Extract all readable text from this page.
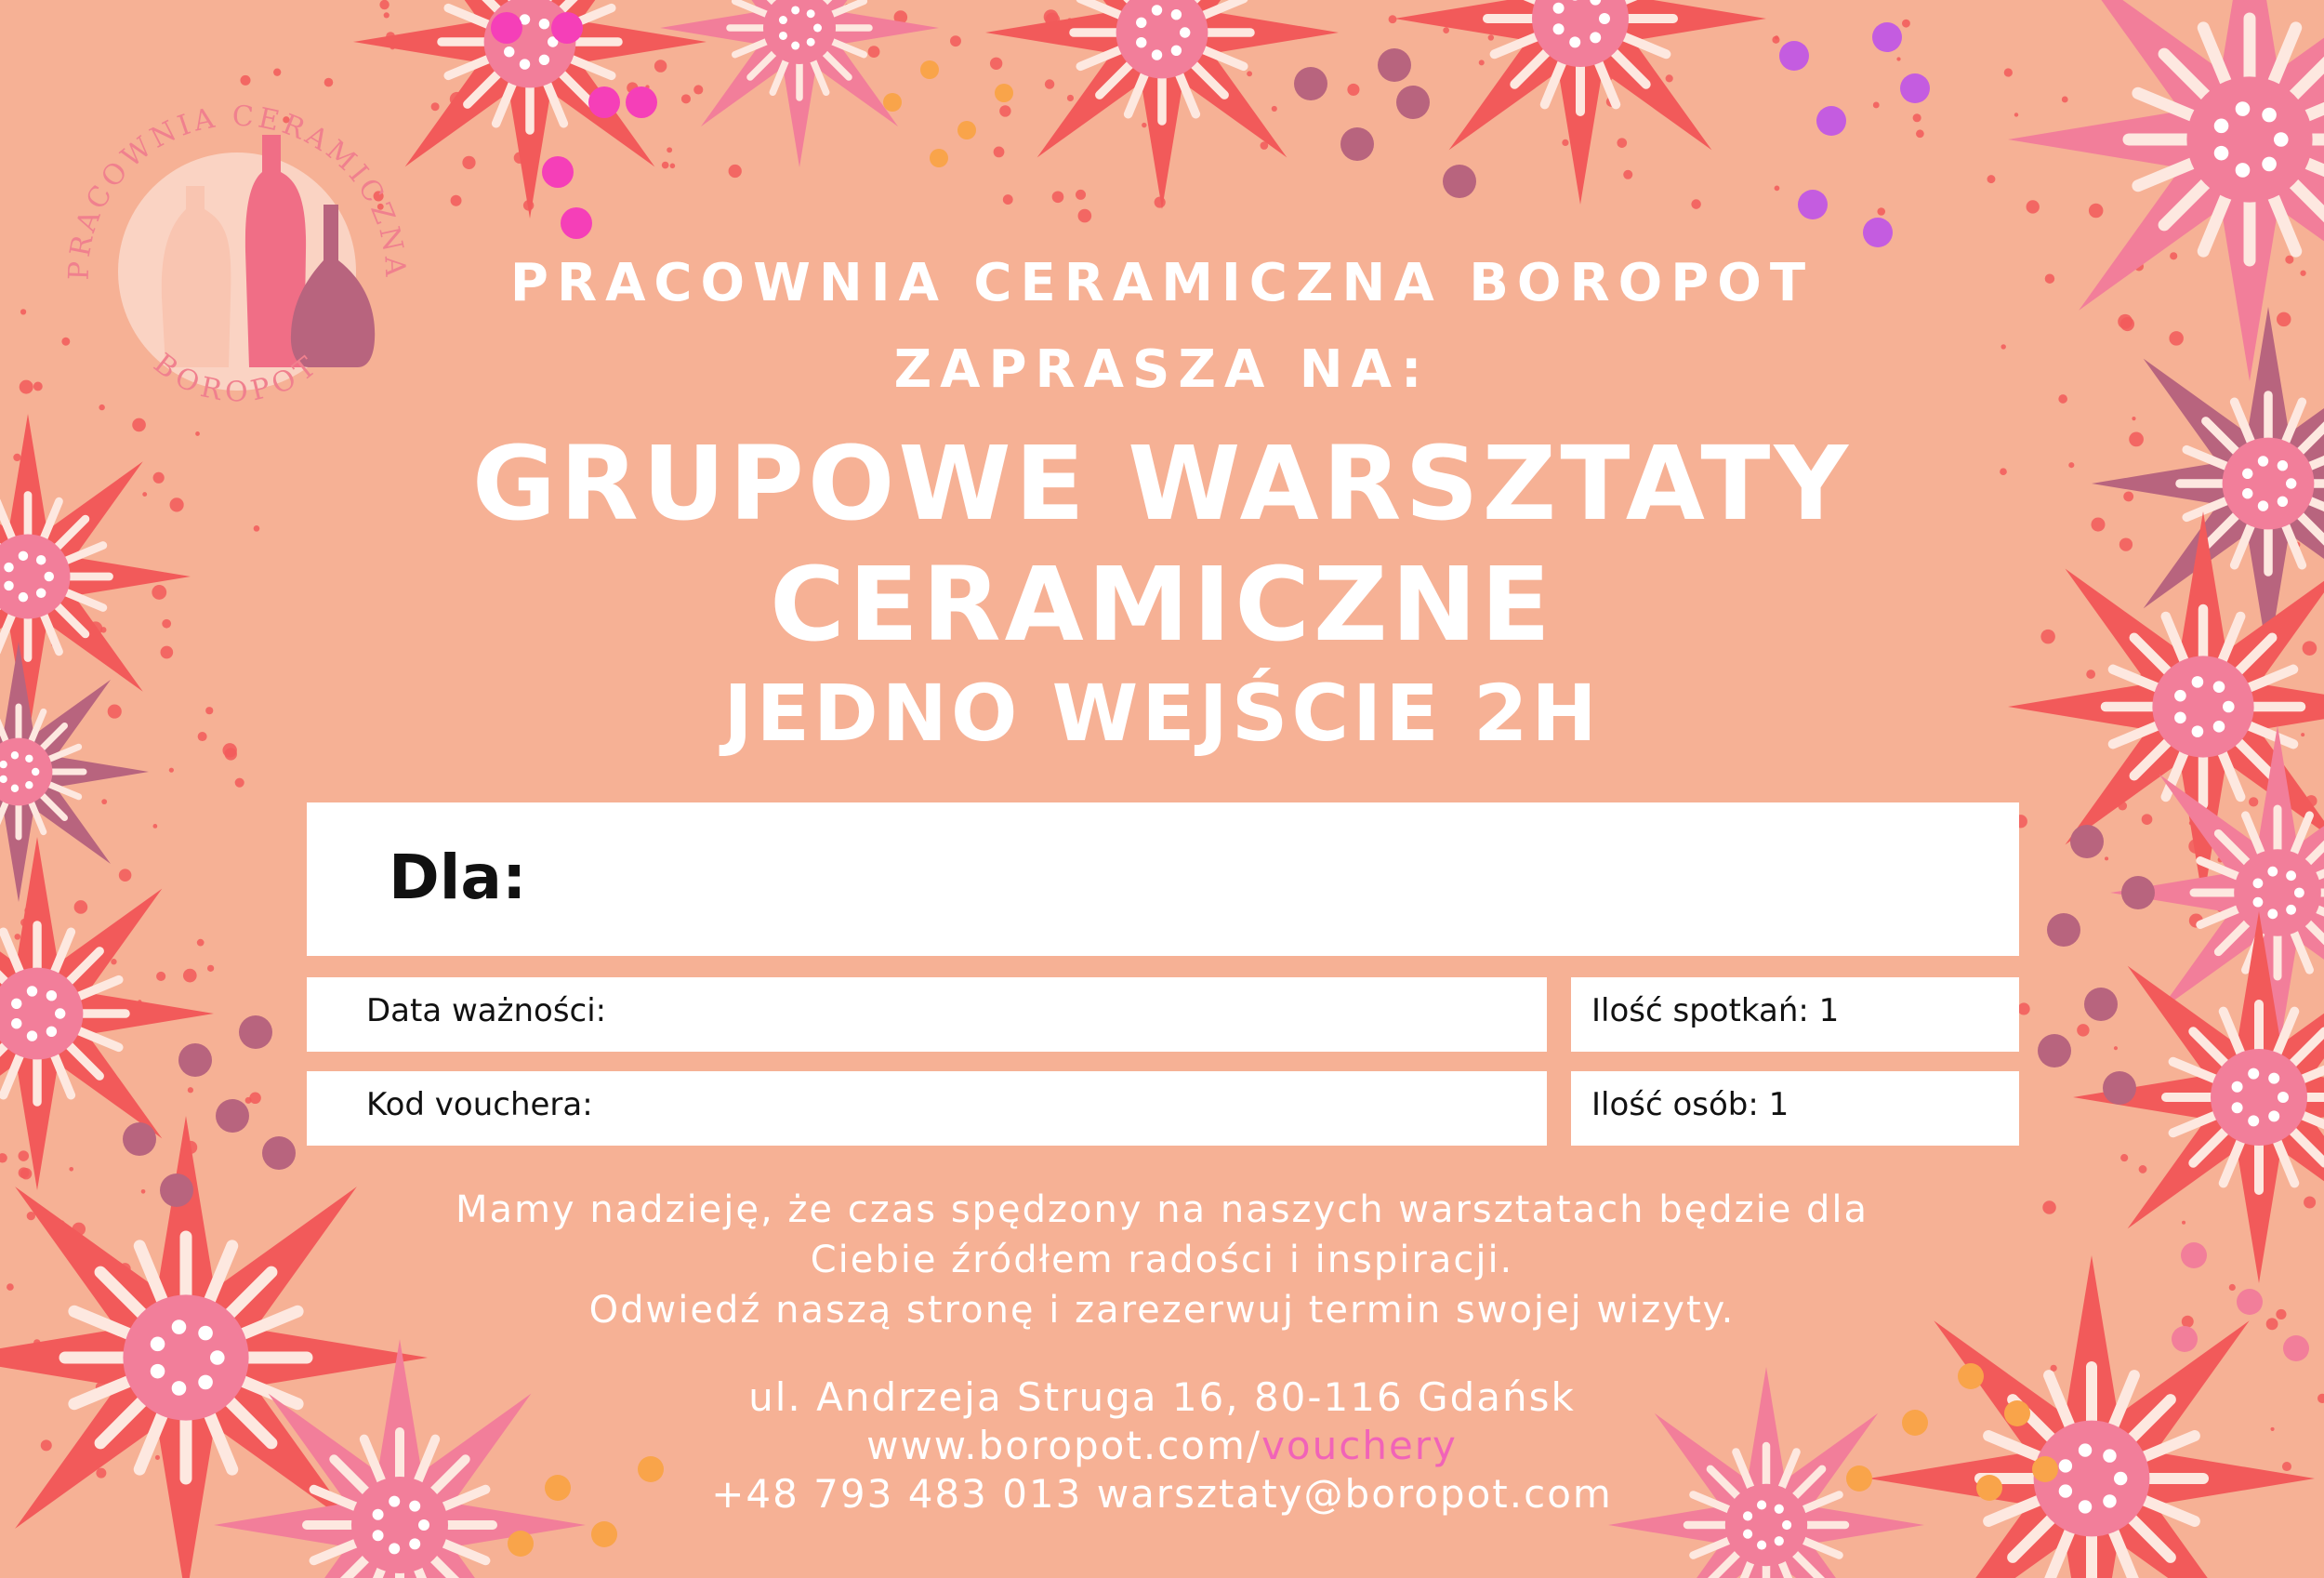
PRACOWNIA CERAMICZNA
BOROPOT
PRACOWNIA CERAMICZNA BOROPOT
ZAPRASZA NA:
GRUPOWE WARSZTATY
CERAMICZNE
JEDNO WEJŚCIE 2H
Dla:
Data ważności:
Kod vouchera:
Ilość spotkań: 1
Ilość osób: 1
Mamy nadzieję, że czas spędzony na naszych warsztatach będzie dla
Ciebie źródłem radości i inspiracji.
Odwiedź naszą stronę i zarezerwuj termin swojej wizyty.
ul. Andrzeja Struga 16, 80-116 Gdańsk
www.boropot.com/vouchery
+48 793 483 013 warsztaty@boropot.com
